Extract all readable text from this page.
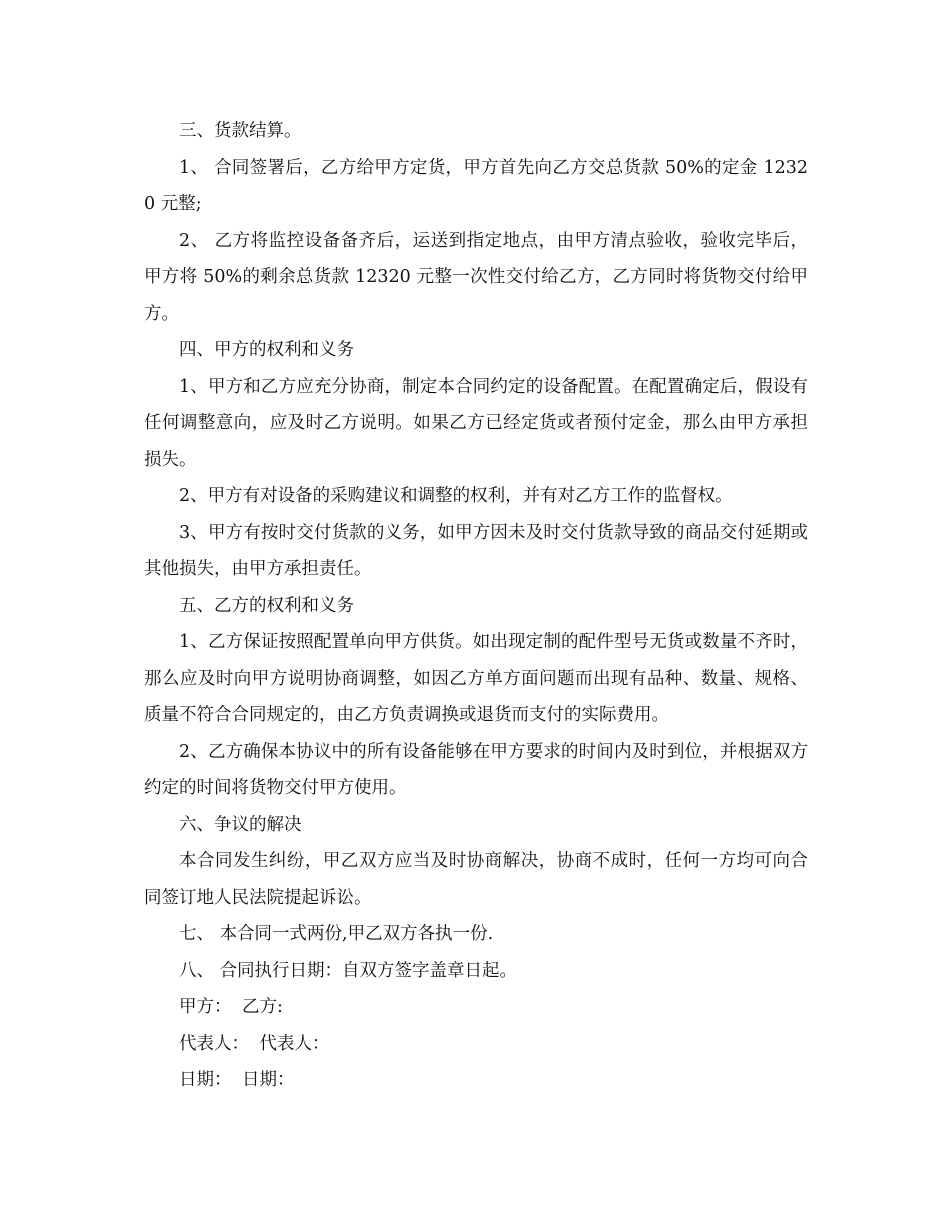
三、货款结算。

1、 合同签署后，乙方给甲方定货，甲方首先向乙方交总货款 50%的定金 12320 元整;

2、 乙方将监控设备备齐后，运送到指定地点，由甲方清点验收，验收完毕后，甲方将 50%的剩余总货款 12320 元整一次性交付给乙方，乙方同时将货物交付给甲方。

四、甲方的权利和义务

1、甲方和乙方应充分协商，制定本合同约定的设备配置。在配置确定后，假设有任何调整意向，应及时乙方说明。如果乙方已经定货或者预付定金，那么由甲方承担损失。

2、甲方有对设备的采购建议和调整的权利，并有对乙方工作的监督权。

3、甲方有按时交付货款的义务，如甲方因未及时交付货款导致的商品交付延期或其他损失，由甲方承担责任。

五、乙方的权利和义务

1、乙方保证按照配置单向甲方供货。如出现定制的配件型号无货或数量不齐时，那么应及时向甲方说明协商调整，如因乙方单方面问题而出现有品种、数量、规格、质量不符合合同规定的，由乙方负责调换或退货而支付的实际费用。

2、乙方确保本协议中的所有设备能够在甲方要求的时间内及时到位，并根据双方约定的时间将货物交付甲方使用。

六、争议的解决

本合同发生纠纷，甲乙双方应当及时协商解决，协商不成时，任何一方均可向合同签订地人民法院提起诉讼。

七、 本合同一式两份,甲乙双方各执一份.

八、 合同执行日期：自双方签字盖章日起。

甲方： 乙方:
代表人： 代表人：
日期： 日期：
